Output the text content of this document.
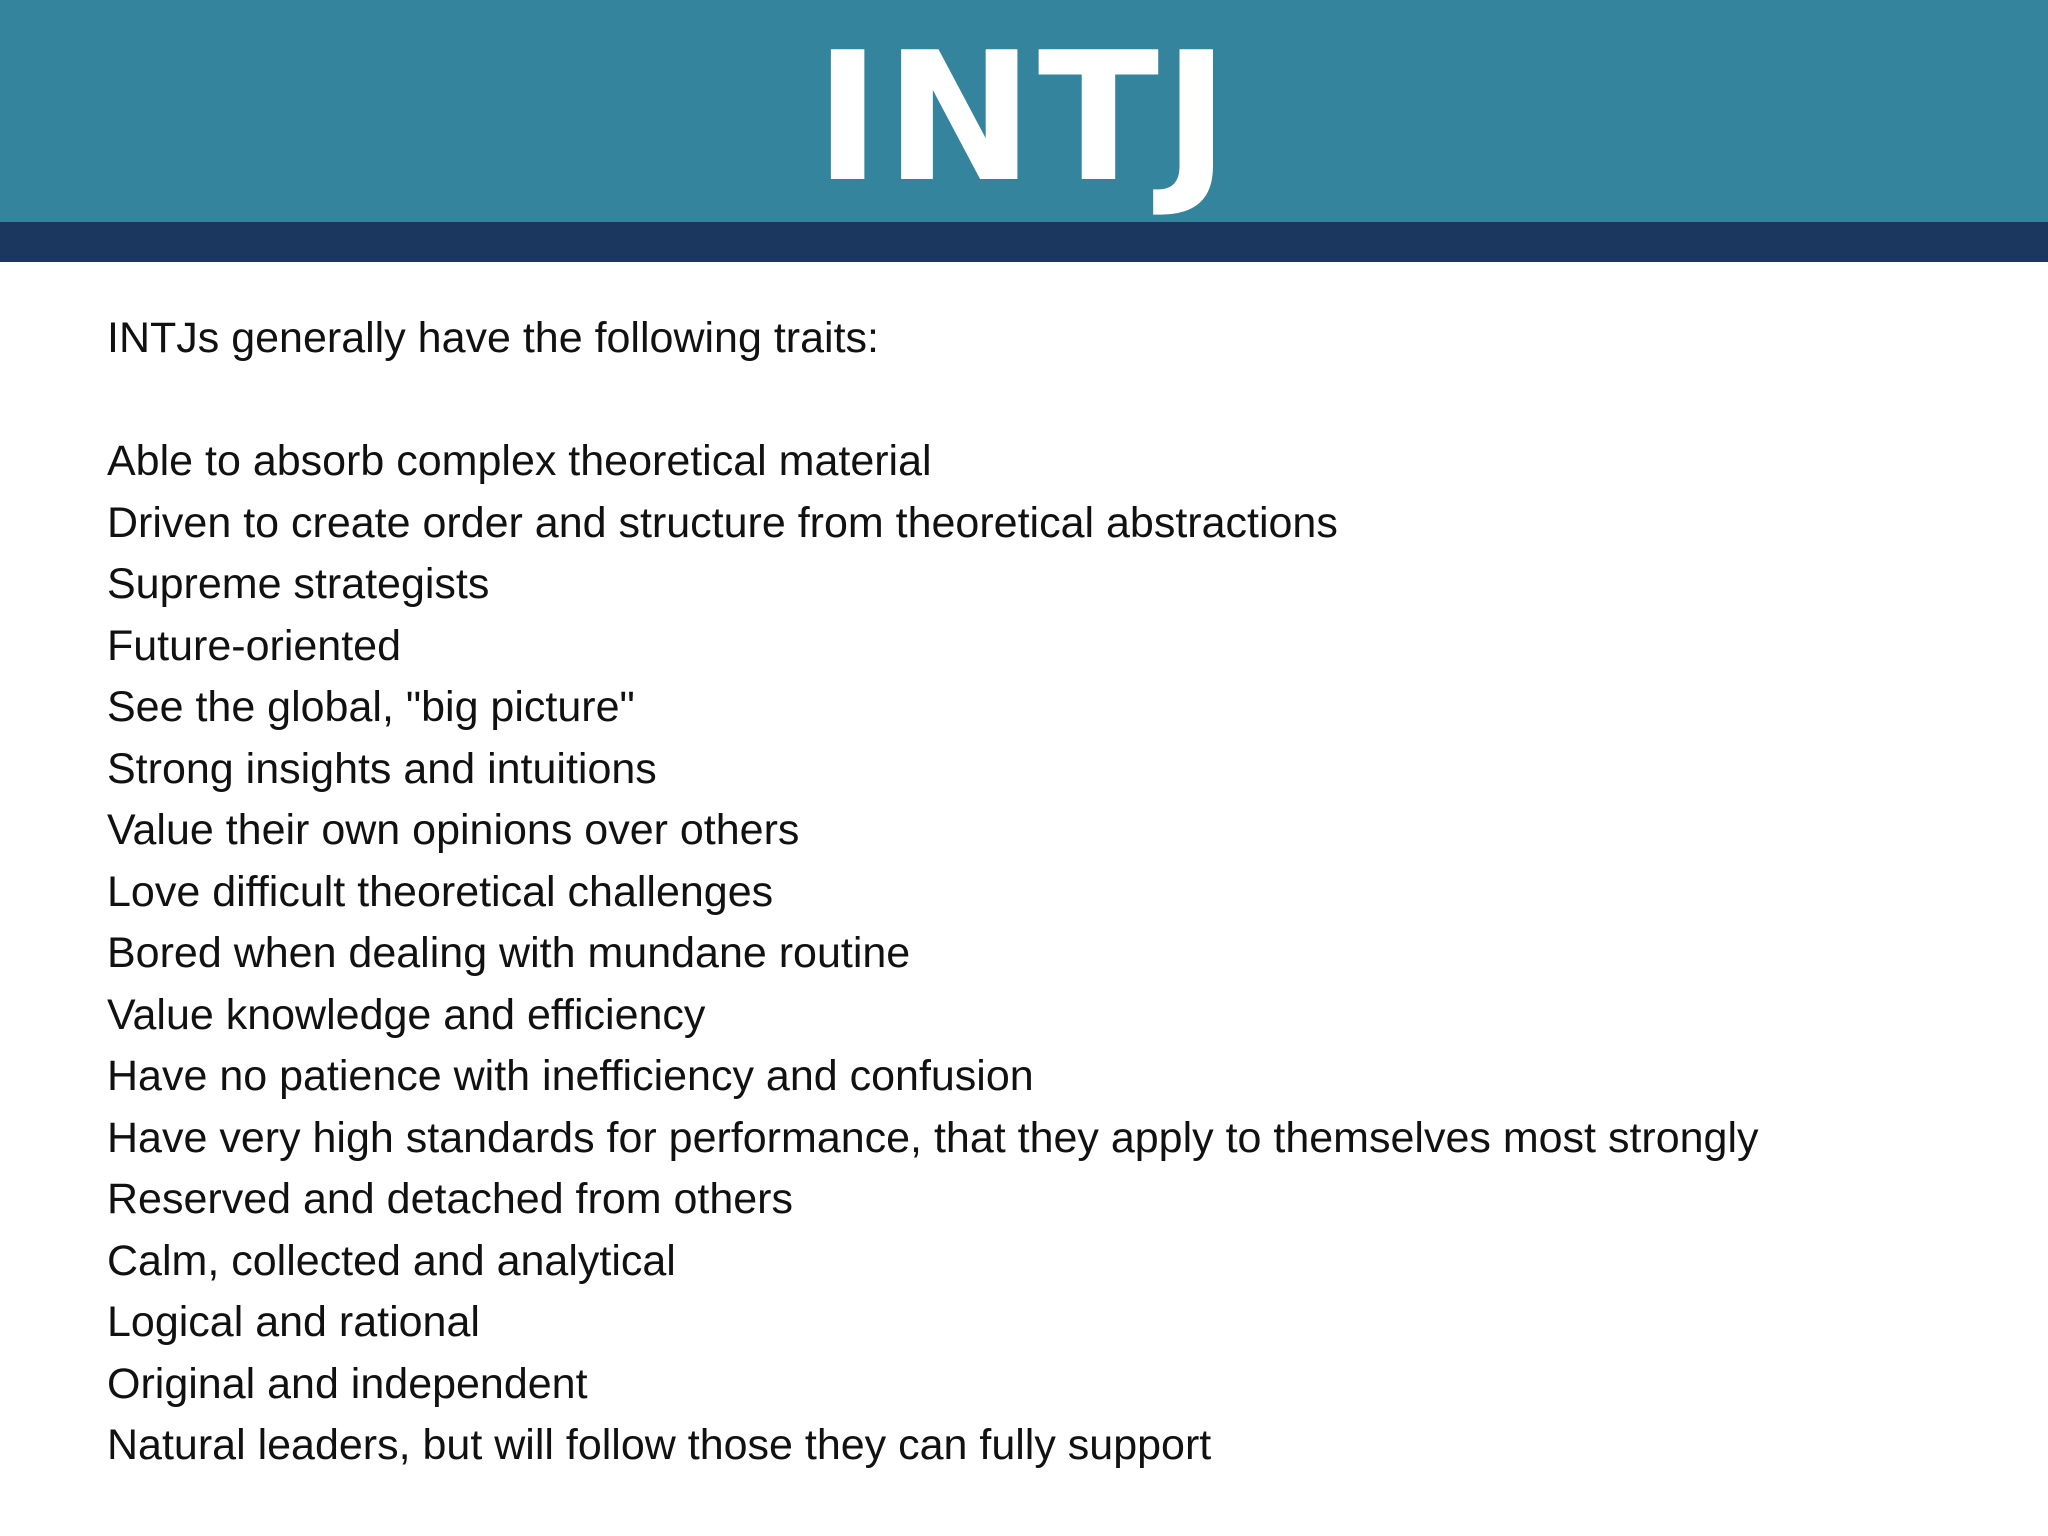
INTJ

INTJs generally have the following traits:

Able to absorb complex theoretical material
Driven to create order and structure from theoretical abstractions
Supreme strategists
Future-oriented
See the global, "big picture"
Strong insights and intuitions
Value their own opinions over others
Love difficult theoretical challenges
Bored when dealing with mundane routine
Value knowledge and efficiency
Have no patience with inefficiency and confusion
Have very high standards for performance, that they apply to themselves most strongly
Reserved and detached from others
Calm, collected and analytical
Logical and rational
Original and independent
Natural leaders, but will follow those they can fully support
